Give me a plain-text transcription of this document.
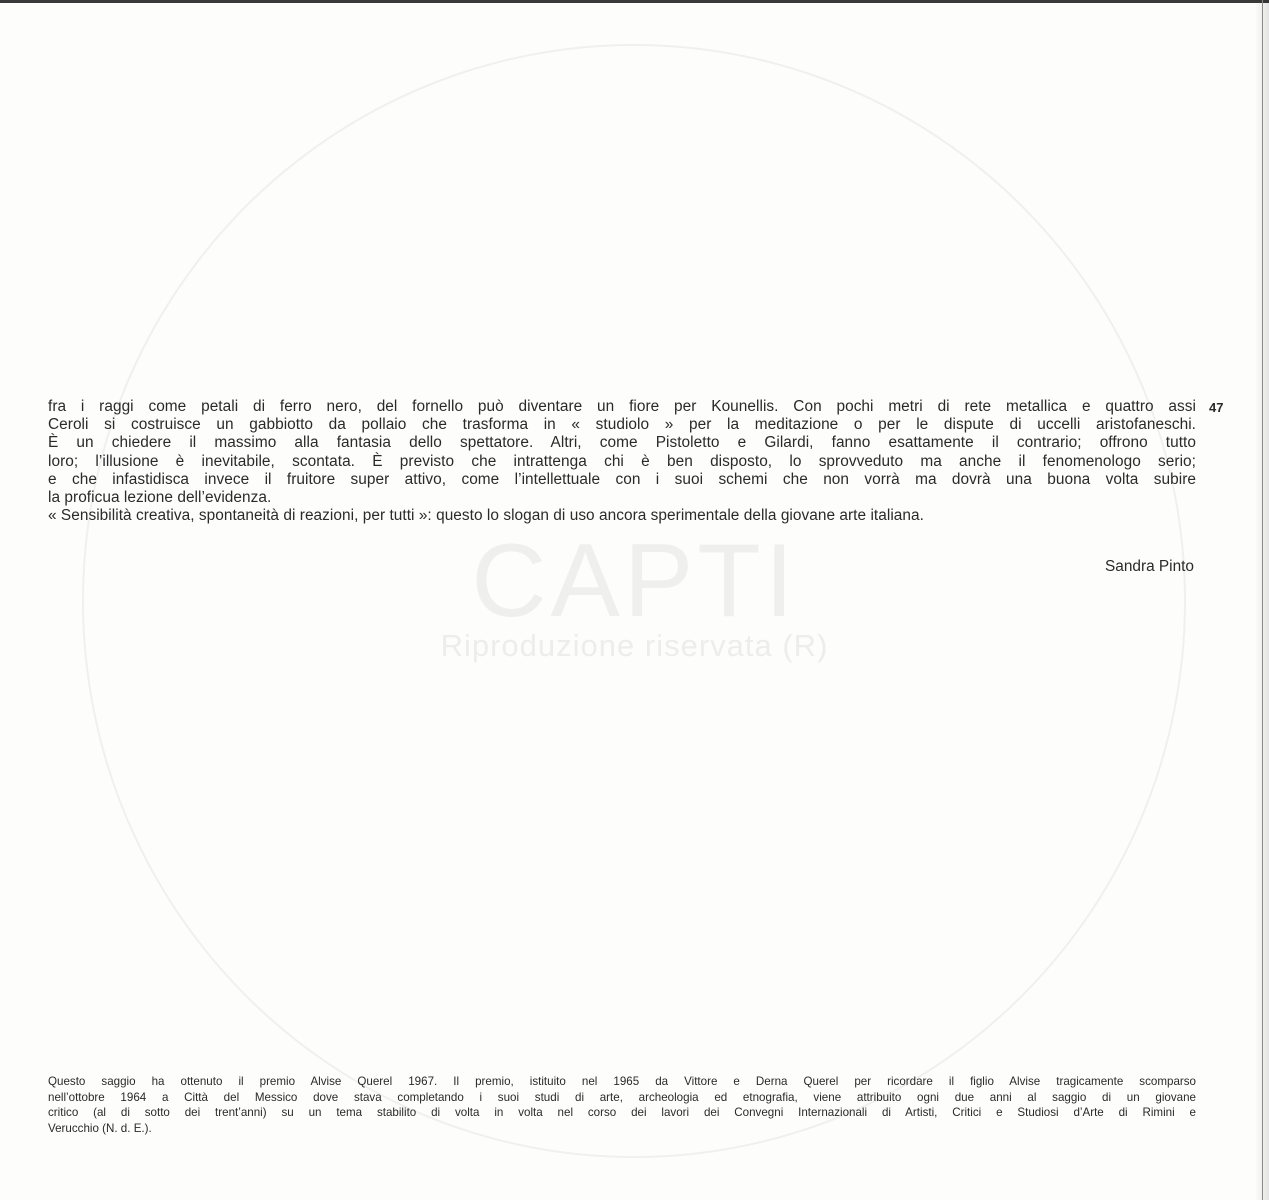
CAPTI
Riproduzione riservata (R)
fra i raggi come petali di ferro nero, del fornello può diventare un fiore per Kounellis. Con pochi metri di rete metallica e quattro assi
Ceroli si costruisce un gabbiotto da pollaio che trasforma in « studiolo » per la meditazione o per le dispute di uccelli aristofaneschi.
È un chiedere il massimo alla fantasia dello spettatore. Altri, come Pistoletto e Gilardi, fanno esattamente il contrario; offrono tutto
loro; l’illusione è inevitabile, scontata. È previsto che intrattenga chi è ben disposto, lo sprovveduto ma anche il fenomenologo serio;
e che infastidisca invece il fruitore super attivo, come l’intellettuale con i suoi schemi che non vorrà ma dovrà una buona volta subire
la proficua lezione dell’evidenza.
« Sensibilità creativa, spontaneità di reazioni, per tutti »: questo lo slogan di uso ancora sperimentale della giovane arte italiana.
47
Sandra Pinto
Questo saggio ha ottenuto il premio Alvise Querel 1967. Il premio, istituito nel 1965 da Vittore e Derna Querel per ricordare il figlio Alvise tragicamente scomparso
nell’ottobre 1964 a Città del Messico dove stava completando i suoi studi di arte, archeologia ed etnografia, viene attribuito ogni due anni al saggio di un giovane
critico (al di sotto dei trent’anni) su un tema stabilito di volta in volta nel corso dei lavori dei Convegni Internazionali di Artisti, Critici e Studiosi d’Arte di Rimini e
Verucchio (N. d. E.).
